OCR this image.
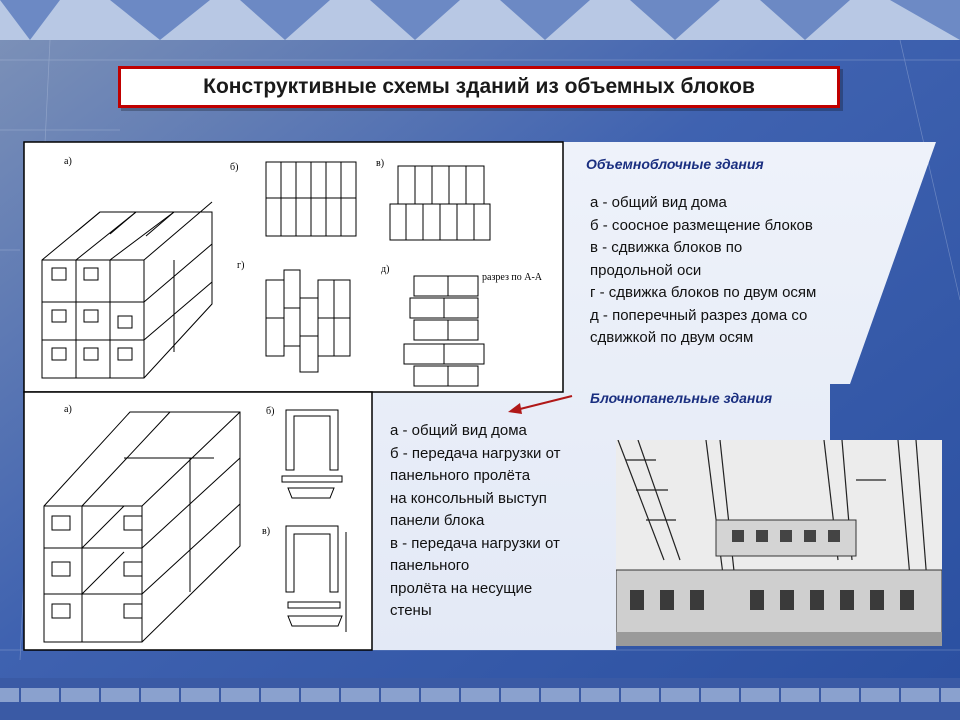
Конструктивные схемы зданий из объемных блоков
а)
б)	в)
г)	д)
разрез по А-А
а)	б)
в)
Объемноблочные здания
а - общий вид дома
б - соосное размещение блоков
в - сдвижка блоков по
продольной оси
г - сдвижка блоков по двум осям
д - поперечный разрез дома со
сдвижкой по двум осям
Блочнопанельные здания
а - общий вид дома
б - передача нагрузки от
панельного пролёта
на консольный выступ
панели блока
в - передача нагрузки от
панельного
пролёта на несущие
стены
